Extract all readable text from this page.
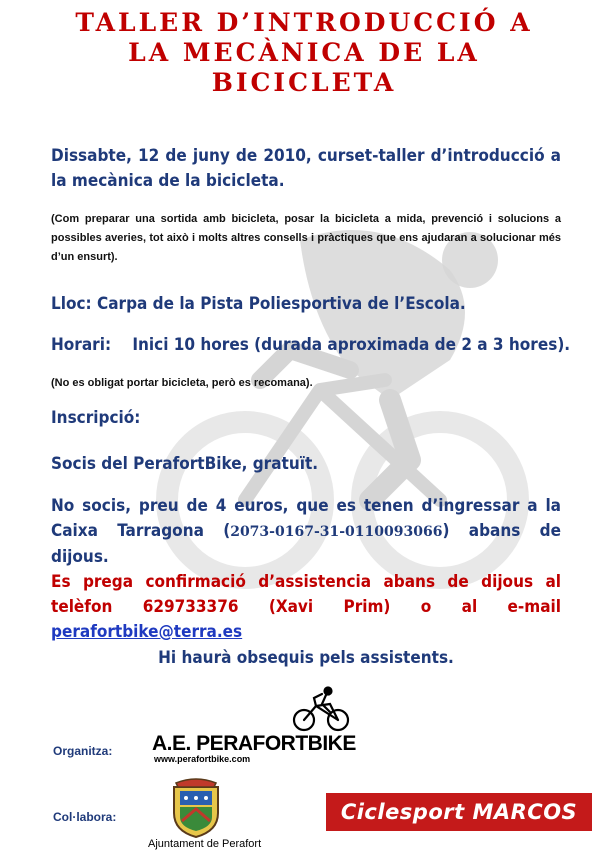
TALLER D’INTRODUCCIÓ A
LA MECÀNICA DE LA
BICICLETA
Dissabte, 12 de juny de 2010, curset-taller d’introducció a la mecànica de la bicicleta.
(Com preparar una sortida amb bicicleta, posar la bicicleta a mida, prevenció i solucions a possibles averies, tot això i molts altres consells i pràctiques que ens ajudaran a solucionar més d’un ensurt).
Lloc: Carpa de la Pista Poliesportiva de l’Escola.
Horari:    Inici 10 hores (durada aproximada de 2 a 3 hores).
(No es obligat portar bicicleta, però es recomana).
Inscripció:
Socis del PerafortBike, gratuït.
No socis, preu de 4 euros, que es tenen d’ingressar a la Caixa Tarragona (2073-0167-31-0110093066) abans de dijous.
Es prega confirmació d’assistencia abans de dijous al telèfon 629733376 (Xavi Prim) o al e-mail perafortbike@terra.es
Hi haurà obsequis pels assistents.
Organitza: A.E. PERAFORTBIKE
www.perafortbike.com
Col·labora:
Ajuntament de Perafort
Ciclesport MARCOS
